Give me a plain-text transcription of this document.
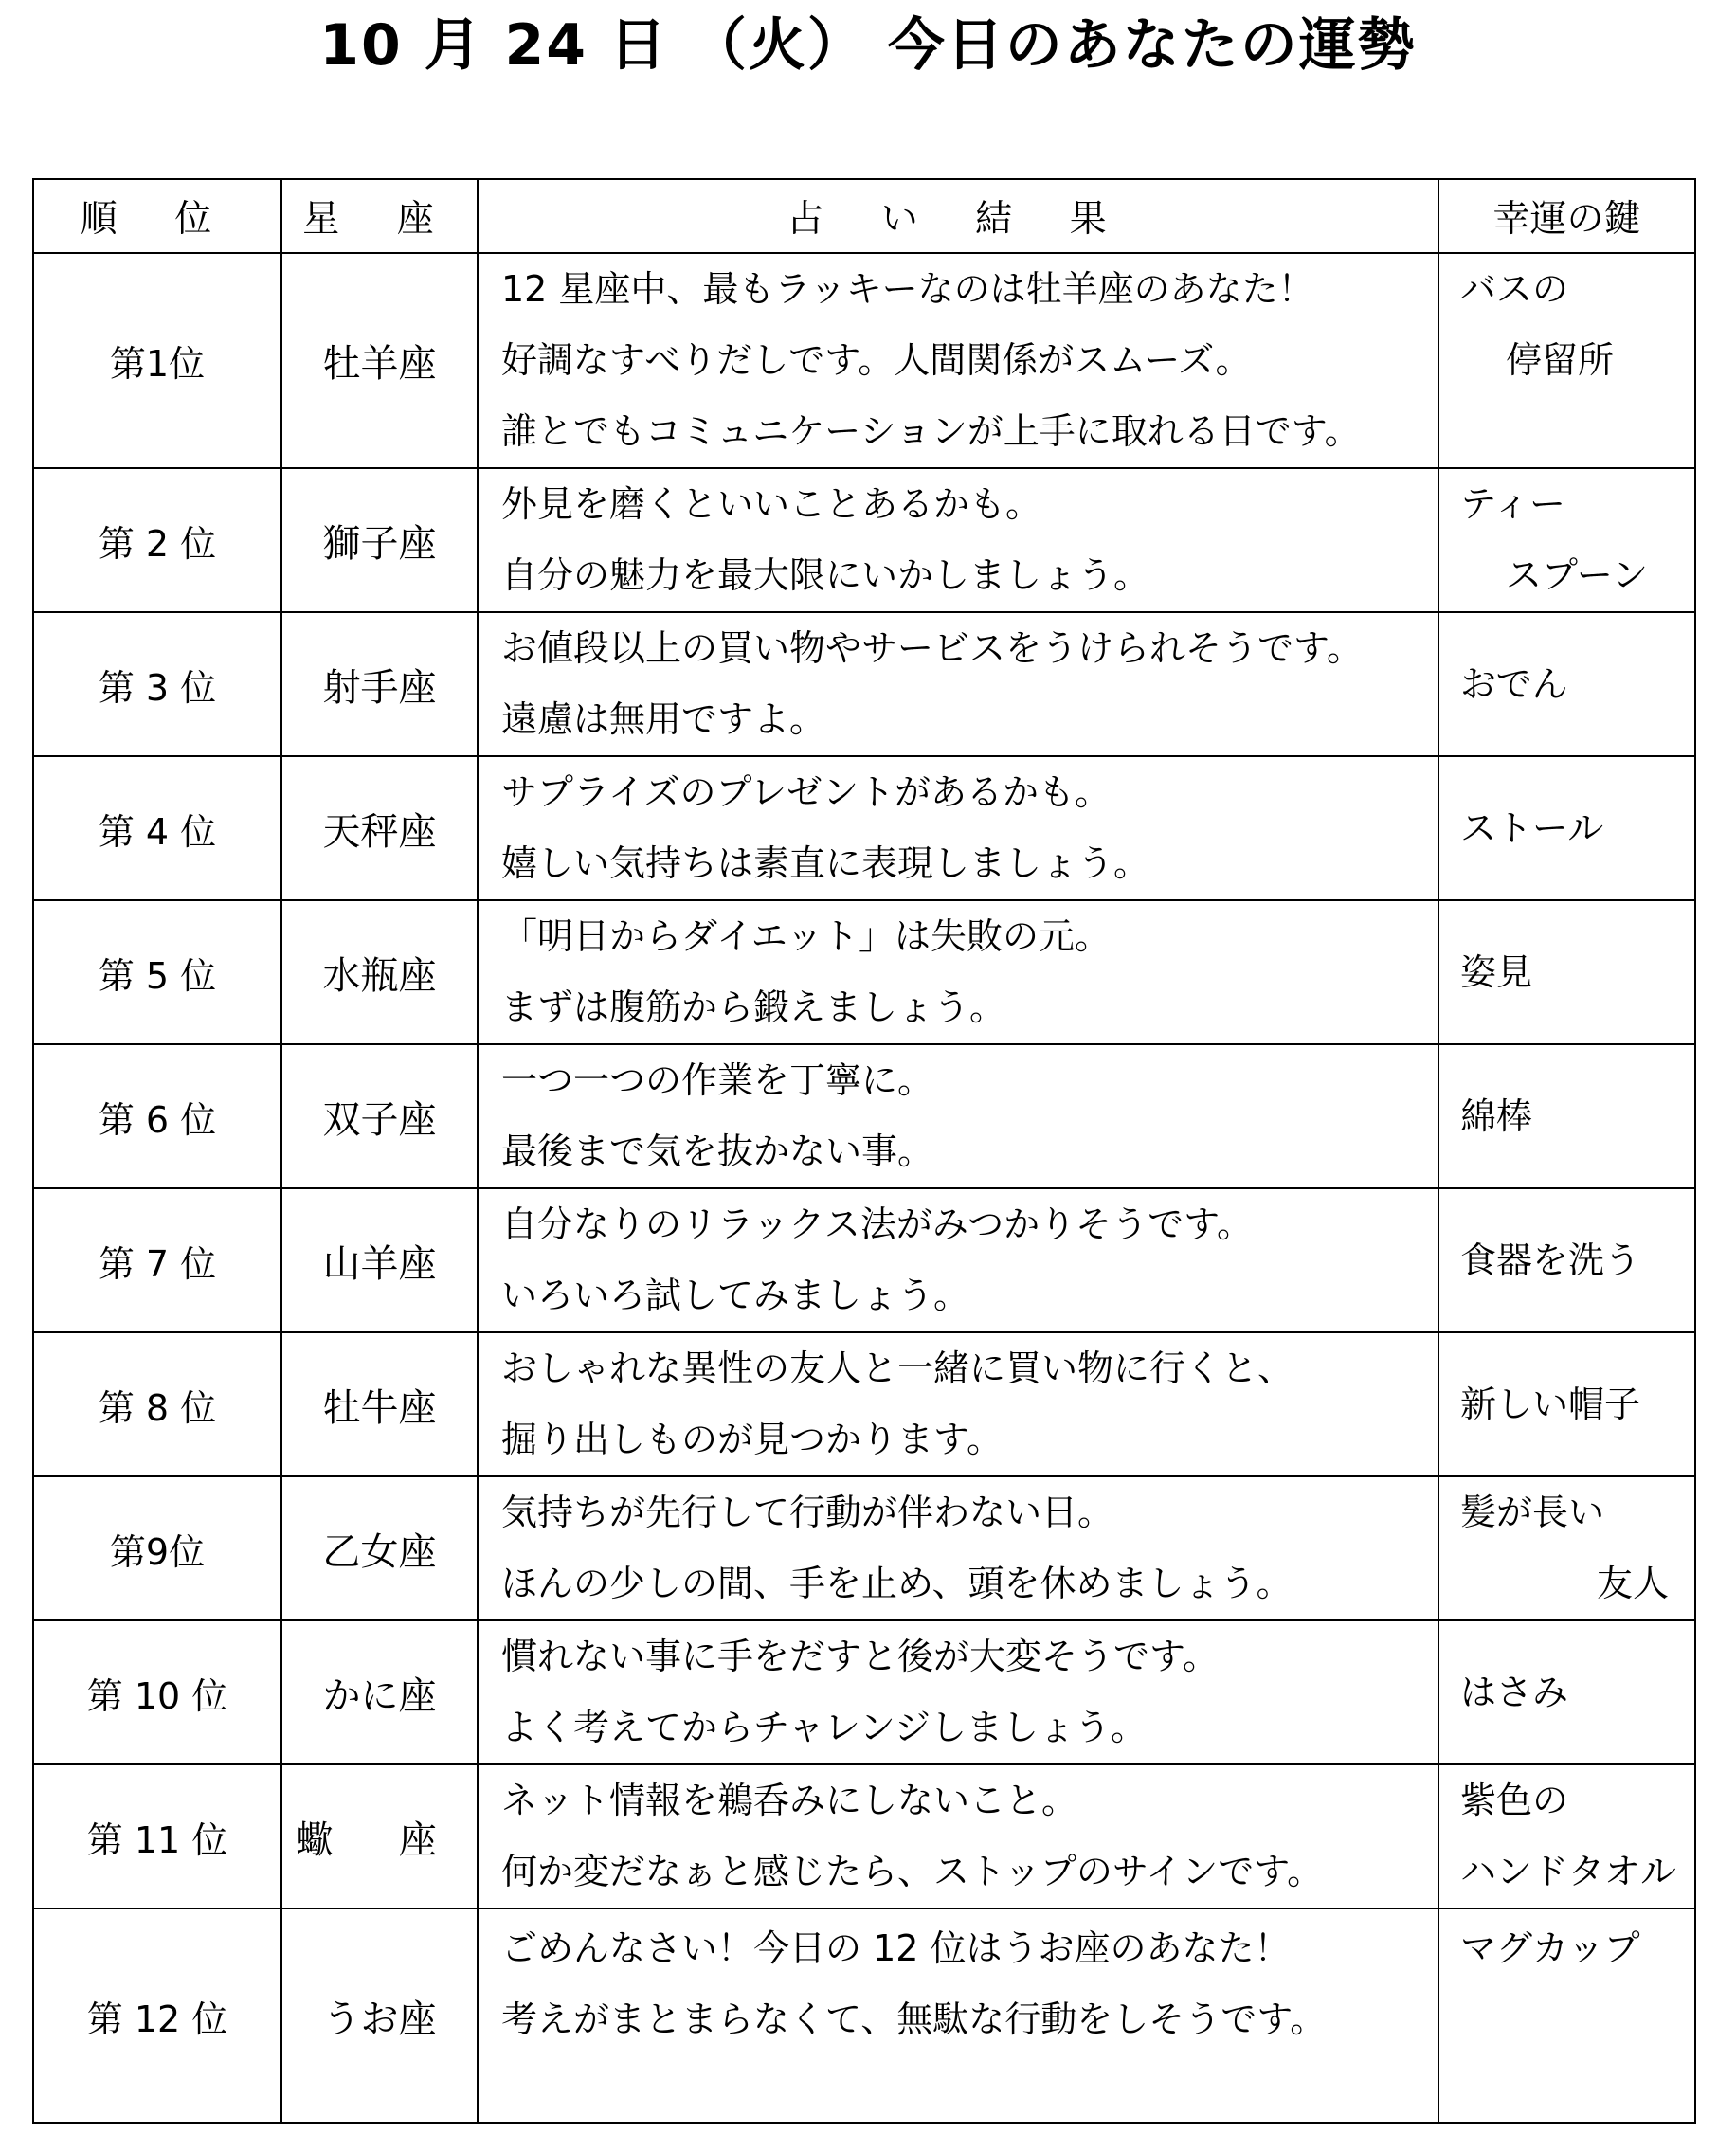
10 月 24 日 （火） 今日のあなたの運勢
順 位	星 座	占 い 結 果	幸運の鍵
第1位	牡羊座	12 星座中、最もラッキーなのは牡羊座のあなた！
好調なすべりだしです。人間関係がスムーズ。
誰とでもコミュニケーションが上手に取れる日です。	バスの
停留所

第 2 位	獅子座	外見を磨くといいことあるかも。
自分の魅力を最大限にいかしましょう。	ティー
スプーン

第 3 位	射手座	お値段以上の買い物やサービスをうけられそうです。
遠慮は無用ですよ。	おでん

第 4 位	天秤座	サプライズのプレゼントがあるかも。
嬉しい気持ちは素直に表現しましょう。	ストール

第 5 位	水瓶座	「明日からダイエット」は失敗の元。
まずは腹筋から鍛えましょう。	姿見

第 6 位	双子座	一つ一つの作業を丁寧に。
最後まで気を抜かない事。	綿棒

第 7 位	山羊座	自分なりのリラックス法がみつかりそうです。
いろいろ試してみましょう。	食器を洗う

第 8 位	牡牛座	おしゃれな異性の友人と一緒に買い物に行くと、
掘り出しものが見つかります。	新しい帽子

第9位	乙女座	気持ちが先行して行動が伴わない日。
ほんの少しの間、手を止め、頭を休めましょう。	髪が長い
友人

第 10 位	かに座	慣れない事に手をだすと後が大変そうです。
よく考えてからチャレンジしましょう。	はさみ

第 11 位	蠍 座	ネット情報を鵜呑みにしないこと。
何か変だなぁと感じたら、ストップのサインです。	紫色の
ハンドタオル

第 12 位	うお座	ごめんなさい！今日の 12 位はうお座のあなた！
考えがまとまらなくて、無駄な行動をしそうです。	マグカップ
